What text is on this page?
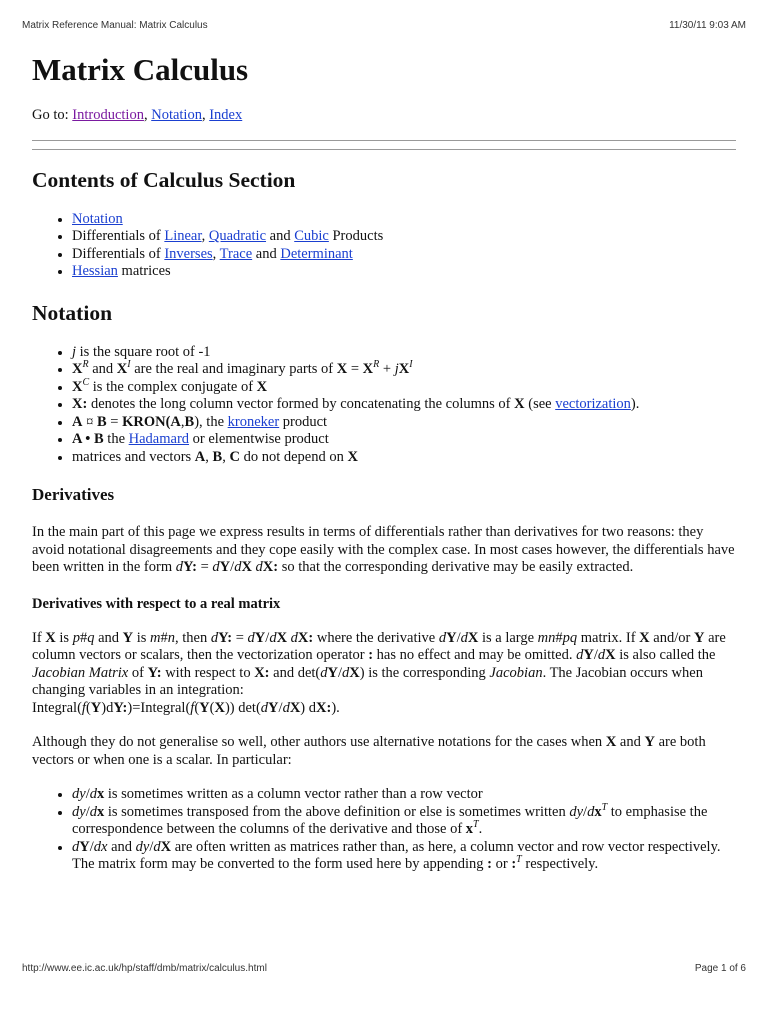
Matrix Reference Manual: Matrix Calculus	11/30/11 9:03 AM
Matrix Calculus
Go to: Introduction, Notation, Index
Contents of Calculus Section
• Notation
• Differentials of Linear, Quadratic and Cubic Products
• Differentials of Inverses, Trace and Determinant
• Hessian matrices
Notation
• j is the square root of -1
• $X^R$ and $X^I$ are the real and imaginary parts of $X = X^R + jX^I$
• $X^C$ is the complex conjugate of X
• X: denotes the long column vector formed by concatenating the columns of X (see vectorization).
• A ¤ B = KRON(A,B), the kroneker product
• A • B the Hadamard or elementwise product
• matrices and vectors A, B, C do not depend on X
Derivatives

In the main part of this page we express results in terms of differentials rather than derivatives for two reasons: they avoid notational disagreements and they cope easily with the complex case. In most cases however, the differentials have been written in the form dY: = dY/dX dX: so that the corresponding derivative may be easily extracted.

Derivatives with respect to a real matrix

If X is p#q and Y is m#n, then dY: = dY/dX dX: where the derivative dY/dX is a large mn#pq matrix. If X and/or Y are column vectors or scalars, then the vectorization operator : has no effect and may be omitted. dY/dX is also called the Jacobian Matrix of Y: with respect to X: and det(dY/dX) is the corresponding Jacobian. The Jacobian occurs when changing variables in an integration:
Integral(f(Y)dY:)=Integral(f(Y(X)) det(dY/dX) dX:).

Although they do not generalise so well, other authors use alternative notations for the cases when X and Y are both vectors or when one is a scalar. In particular:

• dy/dx is sometimes written as a column vector rather than a row vector
• dy/dx is sometimes transposed from the above definition or else is sometimes written $dy/dx^T$ to emphasise the correspondence between the columns of the derivative and those of $x^T$.
• dY/dx and dy/dX are often written as matrices rather than, as here, a column vector and row vector respectively. The matrix form may be converted to the form used here by appending : or :$^T$ respectively.
http://www.ee.ic.ac.uk/hp/staff/dmb/matrix/calculus.html	Page 1 of 6
